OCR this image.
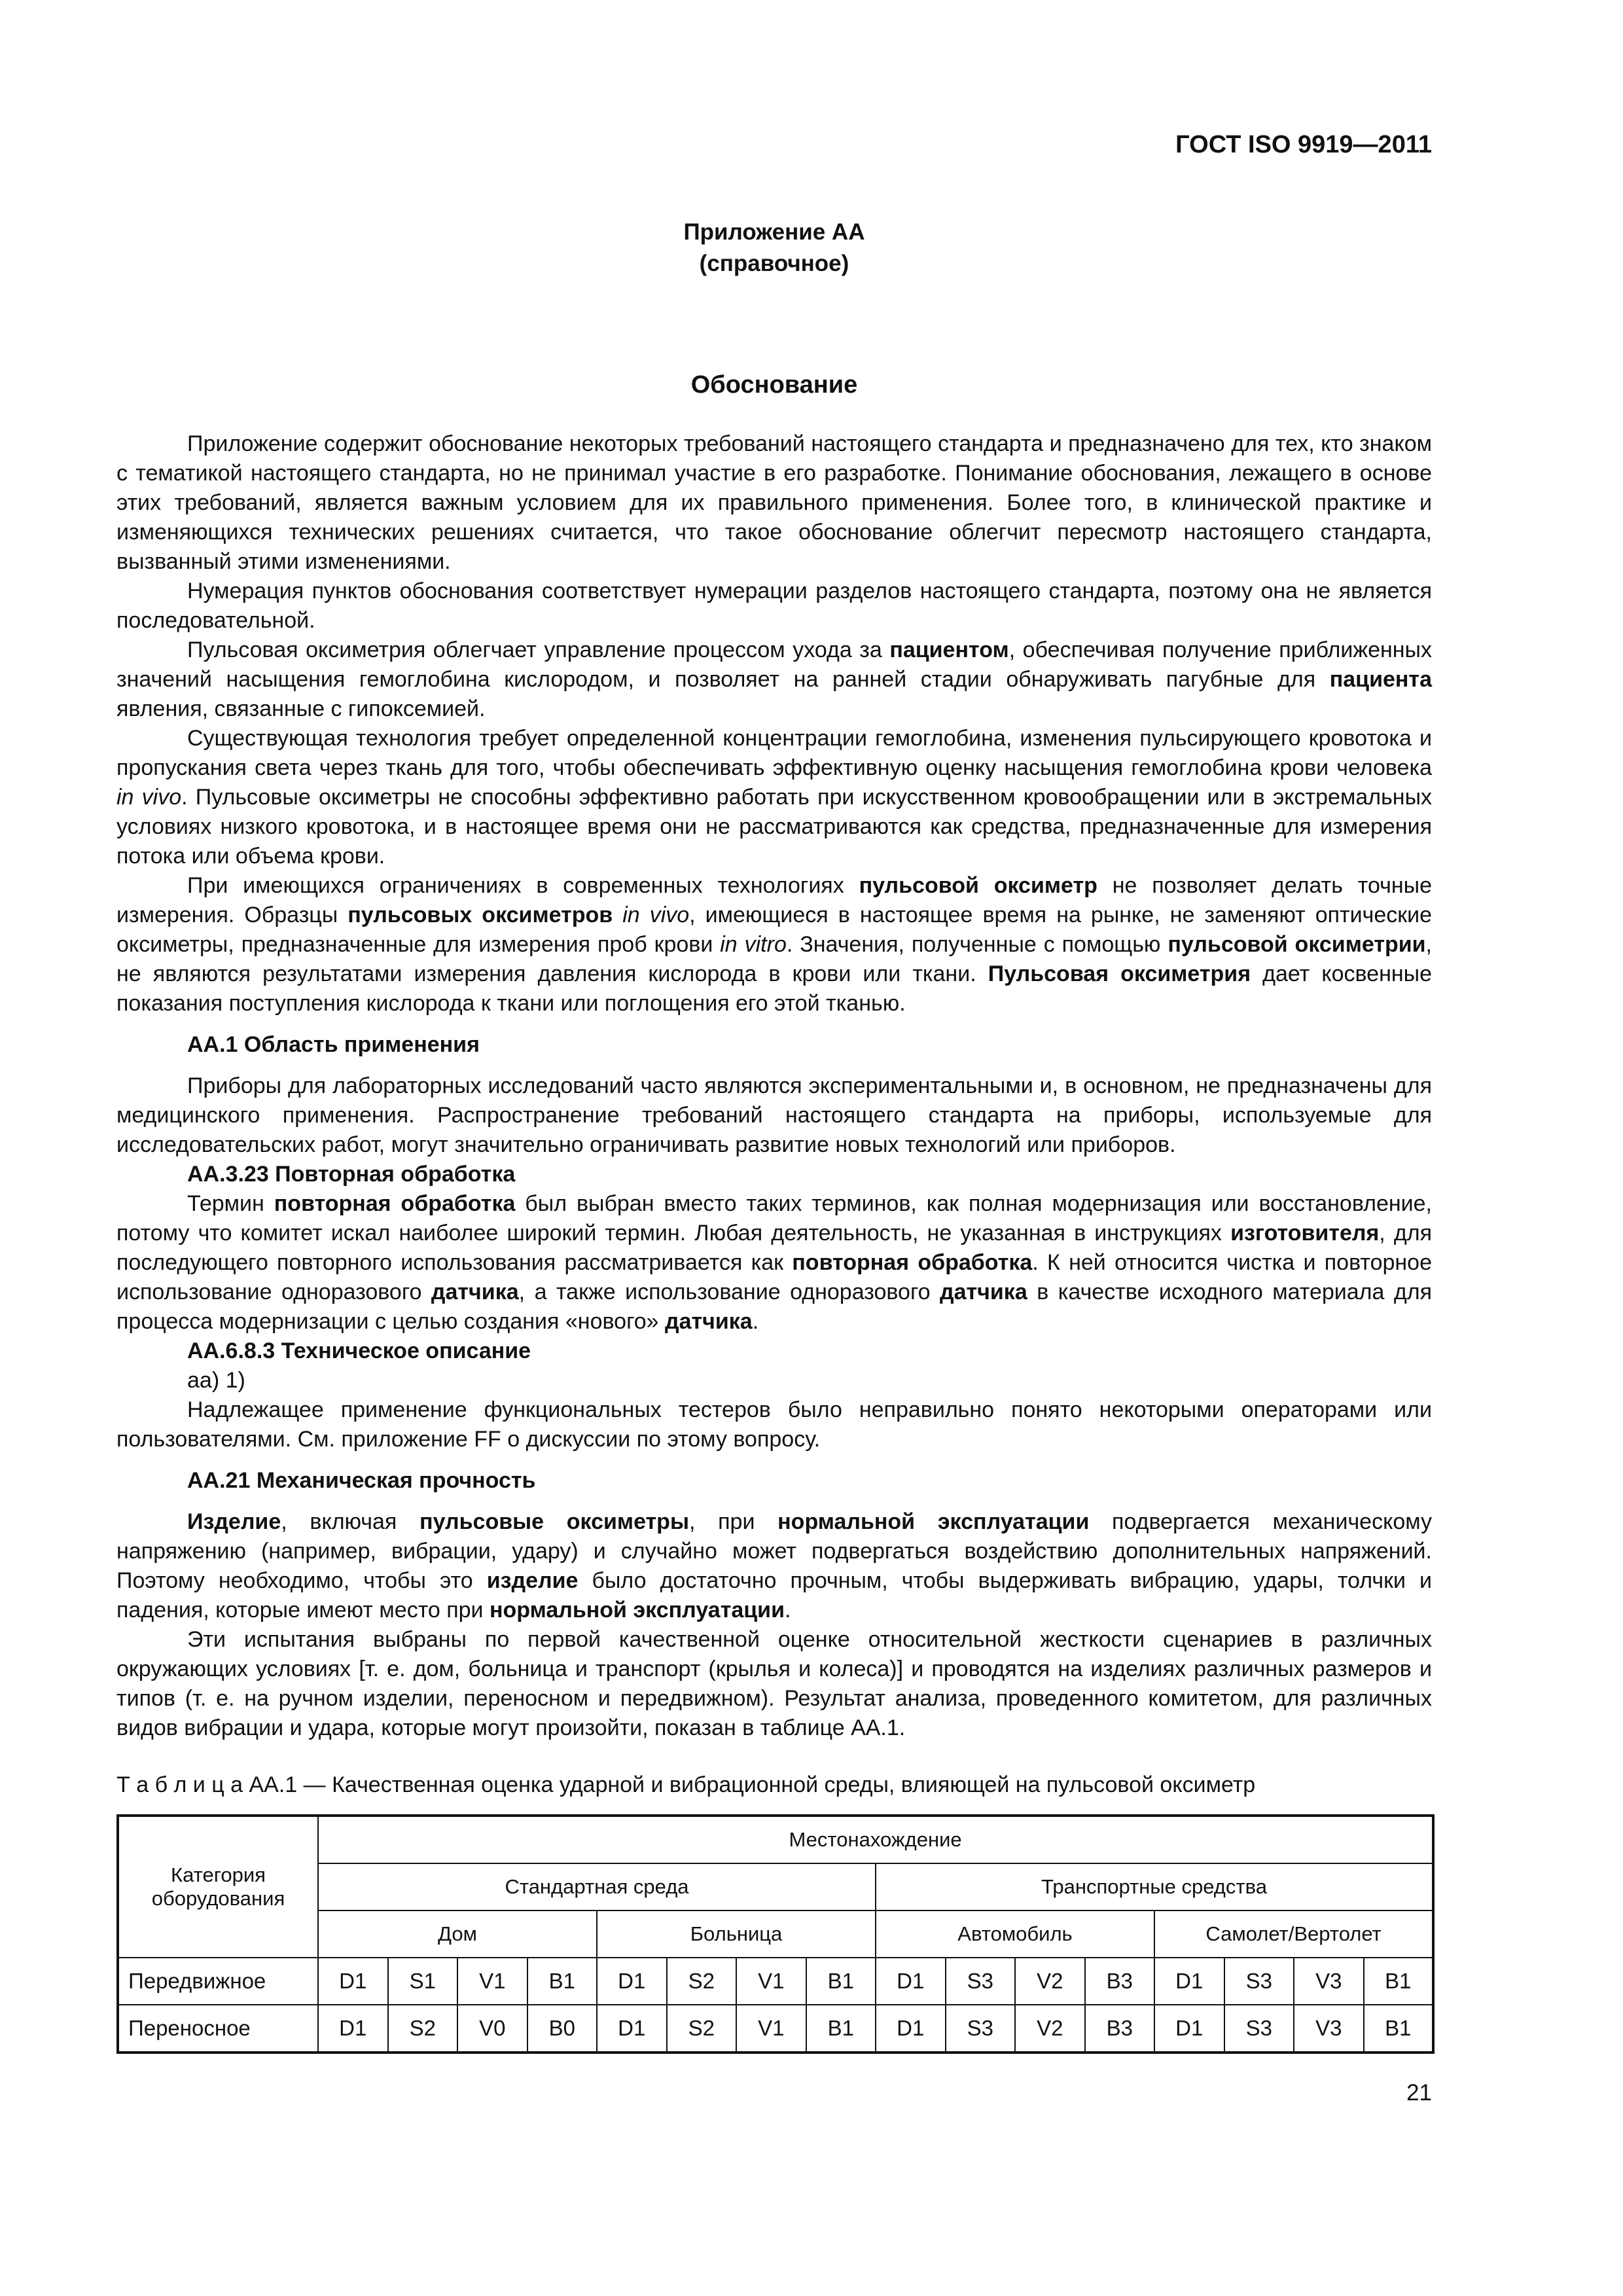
ГОСТ ISO 9919—2011
Приложение АА
(справочное)
Обоснование

Приложение содержит обоснование некоторых требований настоящего стандарта и предназначено для тех, кто знаком с тематикой настоящего стандарта, но не принимал участие в его разработке. Понимание обоснования, лежащего в основе этих требований, является важным условием для их правильного применения. Более того, в клинической практике и изменяющихся технических решениях считается, что такое обоснование облегчит пересмотр настоящего стандарта, вызванный этими изменениями.

Нумерация пунктов обоснования соответствует нумерации разделов настоящего стандарта, поэтому она не является последовательной.

Пульсовая оксиметрия облегчает управление процессом ухода за пациентом, обеспечивая получение приближенных значений насыщения гемоглобина кислородом, и позволяет на ранней стадии обнаруживать пагубные для пациента явления, связанные с гипоксемией.

Существующая технология требует определенной концентрации гемоглобина, изменения пульсирующего кровотока и пропускания света через ткань для того, чтобы обеспечивать эффективную оценку насыщения гемоглобина крови человека in vivo. Пульсовые оксиметры не способны эффективно работать при искусственном кровообращении или в экстремальных условиях низкого кровотока, и в настоящее время они не рассматриваются как средства, предназначенные для измерения потока или объема крови.

При имеющихся ограничениях в современных технологиях пульсовой оксиметр не позволяет делать точные измерения. Образцы пульсовых оксиметров in vivo, имеющиеся в настоящее время на рынке, не заменяют оптические оксиметры, предназначенные для измерения проб крови in vitro. Значения, полученные с помощью пульсовой оксиметрии, не являются результатами измерения давления кислорода в крови или ткани. Пульсовая оксиметрия дает косвенные показания поступления кислорода к ткани или поглощения его этой тканью.

АА.1 Область применения

Приборы для лабораторных исследований часто являются экспериментальными и, в основном, не предназначены для медицинского применения. Распространение требований настоящего стандарта на приборы, используемые для исследовательских работ, могут значительно ограничивать развитие новых технологий или приборов.

АА.3.23 Повторная обработка

Термин повторная обработка был выбран вместо таких терминов, как полная модернизация или восстановление, потому что комитет искал наиболее широкий термин. Любая деятельность, не указанная в инструкциях изготовителя, для последующего повторного использования рассматривается как повторная обработка. К ней относится чистка и повторное использование одноразового датчика, а также использование одноразового датчика в качестве исходного материала для процесса модернизации с целью создания «нового» датчика.

АА.6.8.3 Техническое описание

аа) 1)

Надлежащее применение функциональных тестеров было неправильно понято некоторыми операторами или пользователями. См. приложение FF о дискуссии по этому вопросу.

АА.21 Механическая прочность

Изделие, включая пульсовые оксиметры, при нормальной эксплуатации подвергается механическому напряжению (например, вибрации, удару) и случайно может подвергаться воздействию дополнительных напряжений. Поэтому необходимо, чтобы это изделие было достаточно прочным, чтобы выдерживать вибрацию, удары, толчки и падения, которые имеют место при нормальной эксплуатации.

Эти испытания выбраны по первой качественной оценке относительной жесткости сценариев в различных окружающих условиях [т. е. дом, больница и транспорт (крылья и колеса)] и проводятся на изделиях различных размеров и типов (т. е. на ручном изделии, переносном и передвижном). Результат анализа, проведенного комитетом, для различных видов вибрации и удара, которые могут произойти, показан в таблице АА.1.

Т а б л и ц а АА.1 — Качественная оценка ударной и вибрационной среды, влияющей на пульсовой оксиметр
Категория оборудования	Местонахождение															
	Стандартная среда								Транспортные средства							
	Дом				Больница				Автомобиль				Самолет/Вертолет			
Передвижное	D1	S1	V1	B1	D1	S2	V1	B1	D1	S3	V2	B3	D1	S3	V3	B1
Переносное	D1	S2	V0	B0	D1	S2	V1	B1	D1	S3	V2	B3	D1	S3	V3	B1
21
